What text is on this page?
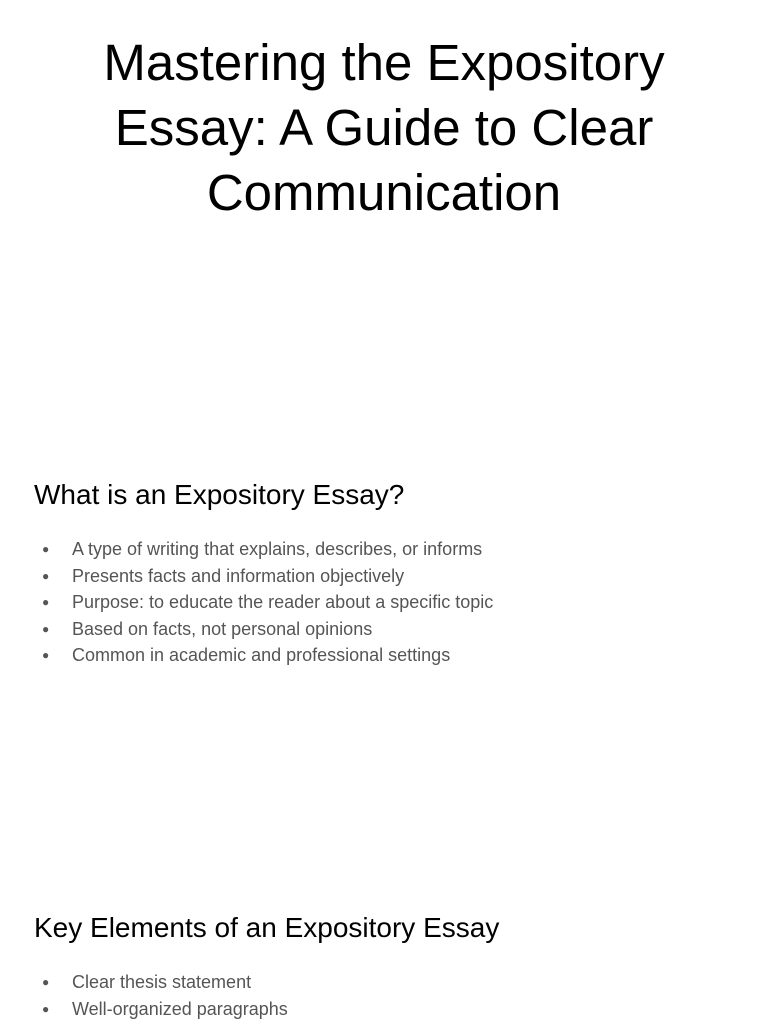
Mastering the Expository
Essay: A Guide to Clear
Communication
What is an Expository Essay?
● A type of writing that explains, describes, or informs
● Presents facts and information objectively
● Purpose: to educate the reader about a specific topic
● Based on facts, not personal opinions
● Common in academic and professional settings
Key Elements of an Expository Essay
● Clear thesis statement
● Well-organized paragraphs
